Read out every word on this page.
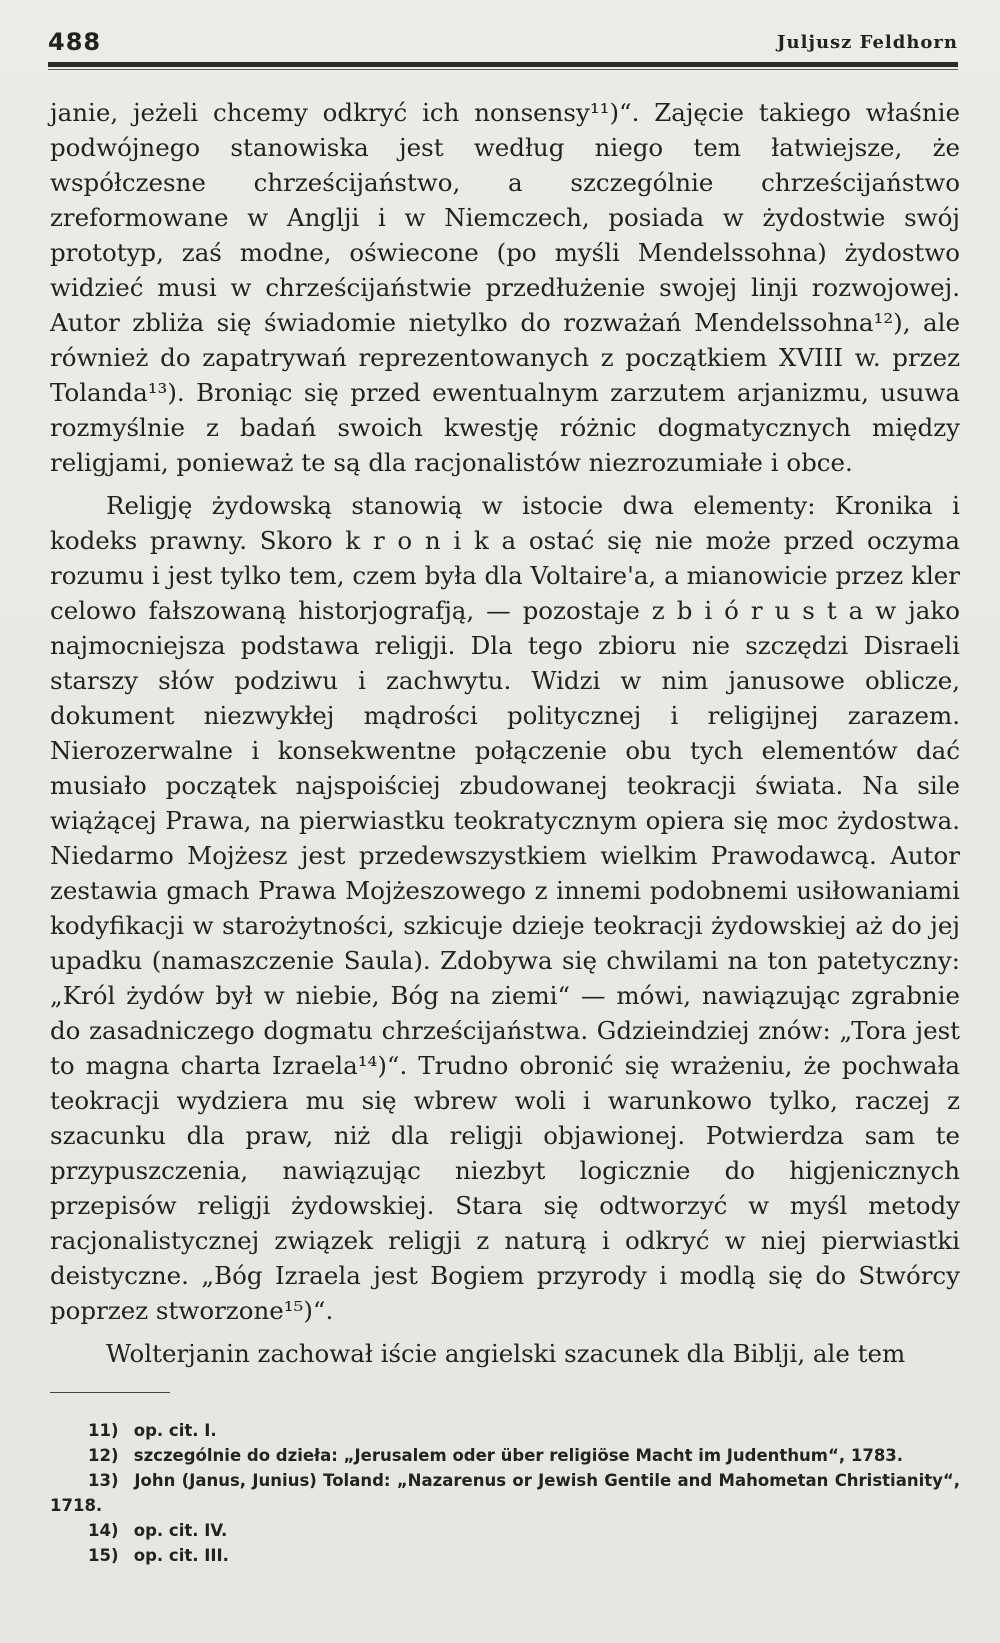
488	Juljusz Feldhorn

janie, jeżeli chcemy odkryć ich nonsensy¹¹)“. Zajęcie takiego właśnie podwójnego stanowiska jest według niego tem łatwiejsze, że współczesne chrześcijaństwo, a szczególnie chrześcijaństwo zreformowane w Anglji i w Niemczech, posiada w żydostwie swój prototyp, zaś modne, oświecone (po myśli Mendelssohna) żydostwo widzieć musi w chrześcijaństwie przedłużenie swojej linji rozwojowej. Autor zbliża się świadomie nietylko do rozważań Mendelssohna¹²), ale również do zapatrywań reprezentowanych z początkiem XVIII w. przez Tolanda¹³). Broniąc się przed ewentualnym zarzutem arjanizmu, usuwa rozmyślnie z badań swoich kwestję różnic dogmatycznych między religjami, ponieważ te są dla racjonalistów niezrozumiałe i obce.

Religję żydowską stanowią w istocie dwa elementy: Kronika i kodeks prawny. Skoro k r o n i k a ostać się nie może przed oczyma rozumu i jest tylko tem, czem była dla Voltaire'a, a mianowicie przez kler celowo fałszowaną historjografją, — pozostaje z b i ó r u s t a w jako najmocniejsza podstawa religji. Dla tego zbioru nie szczędzi Disraeli starszy słów podziwu i zachwytu. Widzi w nim janusowe oblicze, dokument niezwykłej mądrości politycznej i religijnej zarazem. Nierozerwalne i konsekwentne połączenie obu tych elementów dać musiało początek najspoiściej zbudowanej teokracji świata. Na sile wiążącej Prawa, na pierwiastku teokratycznym opiera się moc żydostwa. Niedarmo Mojżesz jest przedewszystkiem wielkim Prawodawcą. Autor zestawia gmach Prawa Mojżeszowego z innemi podobnemi usiłowaniami kodyfikacji w starożytności, szkicuje dzieje teokracji żydowskiej aż do jej upadku (namaszczenie Saula). Zdobywa się chwilami na ton patetyczny: „Król żydów był w niebie, Bóg na ziemi“ — mówi, nawiązując zgrabnie do zasadniczego dogmatu chrześcijaństwa. Gdzieindziej znów: „Tora jest to magna charta Izraela¹⁴)“. Trudno obronić się wrażeniu, że pochwała teokracji wydziera mu się wbrew woli i warunkowo tylko, raczej z szacunku dla praw, niż dla religji objawionej. Potwierdza sam te przypuszczenia, nawiązując niezbyt logicznie do higjenicznych przepisów religji żydowskiej. Stara się odtworzyć w myśl metody racjonalistycznej związek religji z naturą i odkryć w niej pierwiastki deistyczne. „Bóg Izraela jest Bogiem przyrody i modlą się do Stwórcy poprzez stworzone¹⁵)“.

Wolterjanin zachował iście angielski szacunek dla Biblji, ale tem

11) op. cit. I.

12) szczególnie do dzieła: „Jerusalem oder über religiöse Macht im Judenthum“, 1783.

13) John (Janus, Junius) Toland: „Nazarenus or Jewish Gentile and Mahometan Christianity“, 1718.

14) op. cit. IV.

15) op. cit. III.
